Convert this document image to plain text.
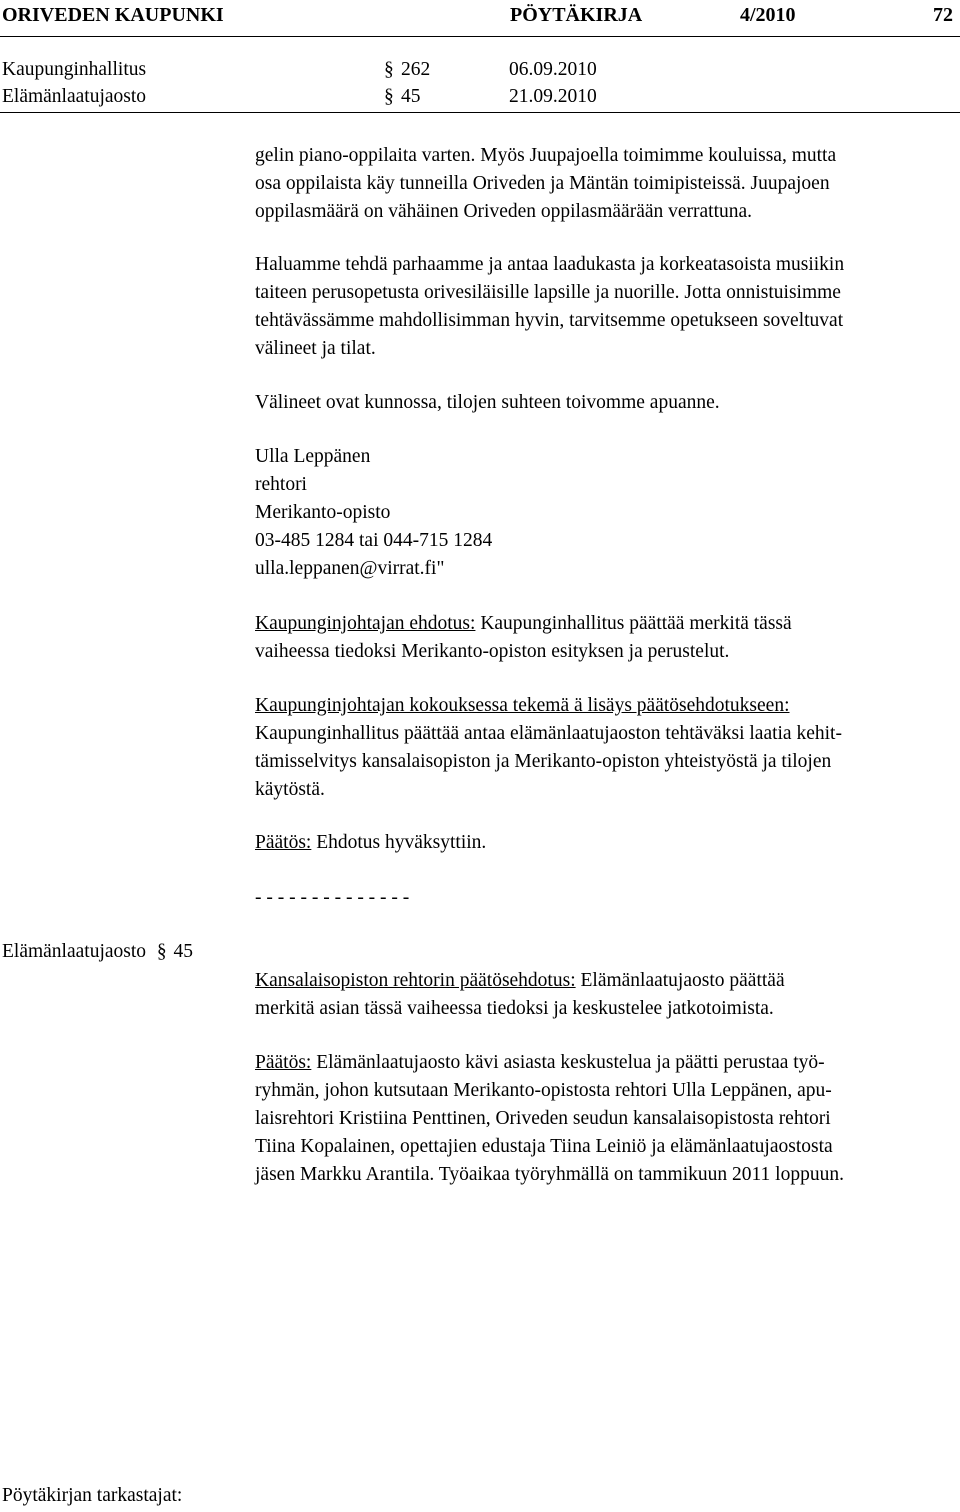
ORIVEDEN KAUPUNKI	PÖYTÄKIRJA	4/2010	72
Kaupunginhallitus	§ 262	06.09.2010
Elämänlaatujaosto	§ 45	21.09.2010
gelin piano-oppilaita varten. Myös Juupajoella toimimme kouluissa, mutta
osa oppilaista käy tunneilla Oriveden ja Mäntän toimipisteissä. Juupajoen
oppilasmäärä on vähäinen Oriveden oppilasmäärään verrattuna.
Haluamme tehdä parhaamme ja antaa laadukasta ja korkeatasoista musiikin
taiteen perusopetusta orivesiläisille lapsille ja nuorille. Jotta onnistuisimme
tehtävässämme mahdollisimman hyvin, tarvitsemme opetukseen soveltuvat
välineet ja tilat.
Välineet ovat kunnossa, tilojen suhteen toivomme apuanne.
Ulla Leppänen
rehtori
Merikanto-opisto
03-485 1284 tai 044-715 1284
ulla.leppanen@virrat.fi"
Kaupunginjohtajan ehdotus: Kaupunginhallitus päättää merkitä tässä
vaiheessa tiedoksi Merikanto-opiston esityksen ja perustelut.
Kaupunginjohtajan kokouksessa tekemä ä lisäys päätösehdotukseen:
Kaupunginhallitus päättää antaa elämänlaatujaoston tehtäväksi laatia kehit-
tämisselvitys kansalaisopiston ja Merikanto-opiston yhteistyöstä ja tilojen
käytöstä.
Päätös: Ehdotus hyväksyttiin.
- - - - - - - - - - - - - -
Elämänlaatujaosto § 45
Kansalaisopiston rehtorin päätösehdotus: Elämänlaatujaosto päättää
merkitä asian tässä vaiheessa tiedoksi ja keskustelee jatkotoimista.
Päätös: Elämänlaatujaosto kävi asiasta keskustelua ja päätti perustaa työ-
ryhmän, johon kutsutaan Merikanto-opistosta rehtori Ulla Leppänen, apu-
laisrehtori Kristiina Penttinen, Oriveden seudun kansalaisopistosta rehtori
Tiina Kopalainen, opettajien edustaja Tiina Leiniö ja elämänlaatujaostosta
jäsen Markku Arantila. Työaikaa työryhmällä on tammikuun 2011 loppuun.
Pöytäkirjan tarkastajat:
